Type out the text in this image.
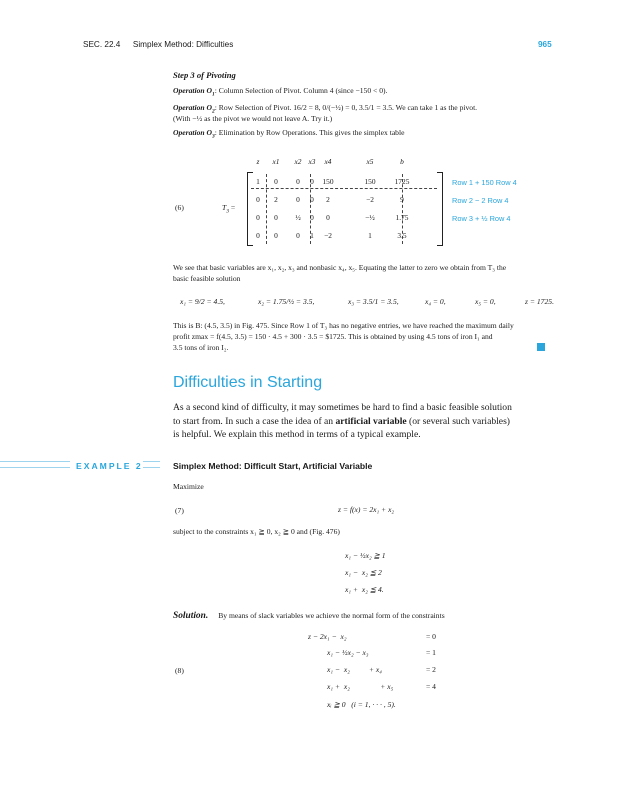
SEC. 22.4 Simplex Method: Difficulties	965
Step 3 of Pivoting
Operation $O_1$: Column Selection of Pivot. Column 4 (since −150 < 0).
Operation $O_2$: Row Selection of Pivot. 16/2 = 8, 0/(−½) = 0, 3.5/1 = 3.5. We can take 1 as the pivot.
(With −½ as the pivot we would not leave A. Try it.)
Operation $O_3$: Elimination by Row Operations. This gives the simplex table
z	x1	x2 x3	x4	x5	b
(6)	$T_3$ =
1	0	0	0	150	150	1725
0	2	0	0	2	−2	9
0	0	½	0	0	−½	1.75
0	0	0	1	−2	1	3.5
Row 1 + 150 Row 4
Row 2 − 2 Row 4
Row 3 + ½ Row 4
We see that basic variables are x₁, x₂, x₃ and nonbasic x₄, x₅. Equating the latter to zero we obtain from T₃ the
basic feasible solution
x₁ = 9/2 = 4.5,	x₂ = 1.75/½ = 3.5,	x₃ = 3.5/1 = 3.5,	x₄ = 0,	x₅ = 0,	z = 1725.
This is B: (4.5, 3.5) in Fig. 475. Since Row 1 of T₃ has no negative entries, we have reached the maximum daily
profit zmax = f(4.5, 3.5) = 150 · 4.5 + 300 · 3.5 = $1725. This is obtained by using 4.5 tons of iron I₁ and
3.5 tons of iron I₂.
Difficulties in Starting
As a second kind of difficulty, it may sometimes be hard to find a basic feasible solution
to start from. In such a case the idea of an artificial variable (or several such variables)
is helpful. We explain this method in terms of a typical example.
EXAMPLE 2	Simplex Method: Difficult Start, Artificial Variable
Maximize
(7)	z = f(x) = 2x₁ + x₂
subject to the constraints x₁ ≧ 0, x₂ ≧ 0 and (Fig. 476)
x₁ − ½x₂ ≧ 1
x₁ −  x₂ ≦ 2
x₁ +  x₂ ≦ 4.
Solution. By means of slack variables we achieve the normal form of the constraints
(8)
z − 2x₁ −  x₂	= 0
x₁ − ½x₂ − x₃	= 1
x₁ −  x₂          + x₄	= 2
x₁ +  x₂                + x₅	= 4
xᵢ ≧ 0   (i = 1, · · · , 5).
